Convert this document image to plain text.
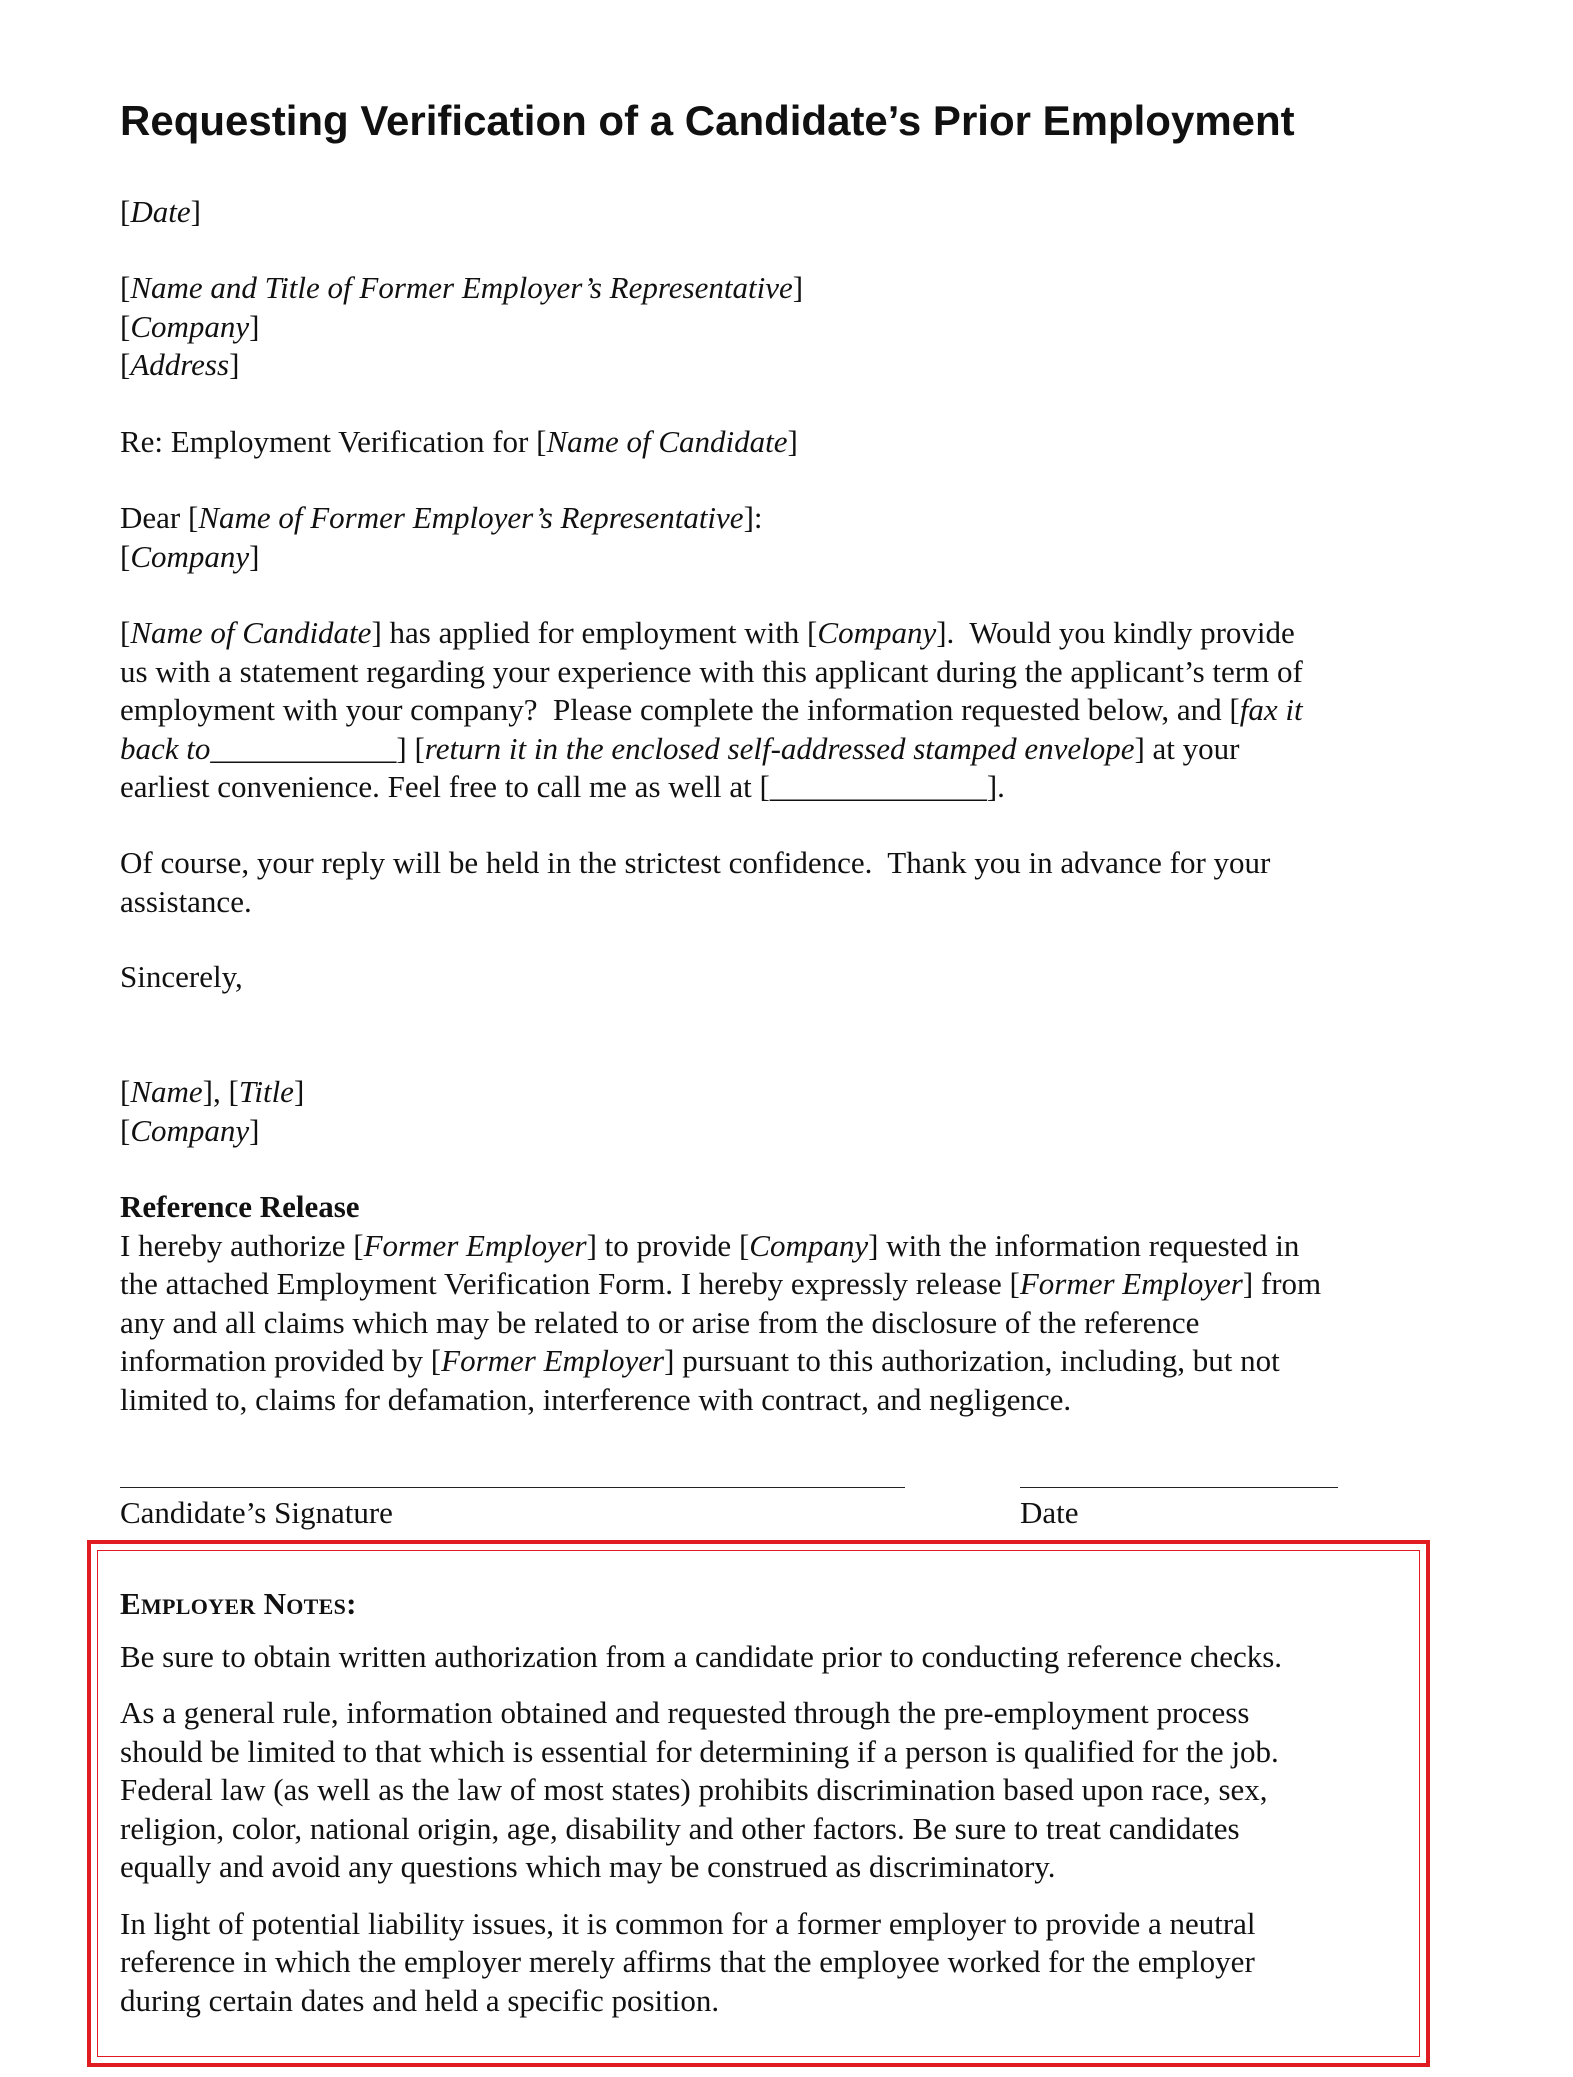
Requesting Verification of a Candidate’s Prior Employment
[Date]
[Name and Title of Former Employer’s Representative]
[Company]
[Address]
Re: Employment Verification for [Name of Candidate]
Dear [Name of Former Employer’s Representative]:
[Company]
[Name of Candidate] has applied for employment with [Company].  Would you kindly provide
us with a statement regarding your experience with this applicant during the applicant’s term of
employment with your company?  Please complete the information requested below, and [fax it
back to____________] [return it in the enclosed self-addressed stamped envelope] at your
earliest convenience. Feel free to call me as well at [______________].
Of course, your reply will be held in the strictest confidence.  Thank you in advance for your
assistance.
Sincerely,
[Name], [Title]
[Company]
Reference Release
I hereby authorize [Former Employer] to provide [Company] with the information requested in
the attached Employment Verification Form. I hereby expressly release [Former Employer] from
any and all claims which may be related to or arise from the disclosure of the reference
information provided by [Former Employer] pursuant to this authorization, including, but not
limited to, claims for defamation, interference with contract, and negligence.
Candidate’s Signature	Date
Employer Notes:
Be sure to obtain written authorization from a candidate prior to conducting reference checks.
As a general rule, information obtained and requested through the pre-employment process
should be limited to that which is essential for determining if a person is qualified for the job.
Federal law (as well as the law of most states) prohibits discrimination based upon race, sex,
religion, color, national origin, age, disability and other factors. Be sure to treat candidates
equally and avoid any questions which may be construed as discriminatory.
In light of potential liability issues, it is common for a former employer to provide a neutral
reference in which the employer merely affirms that the employee worked for the employer
during certain dates and held a specific position.
